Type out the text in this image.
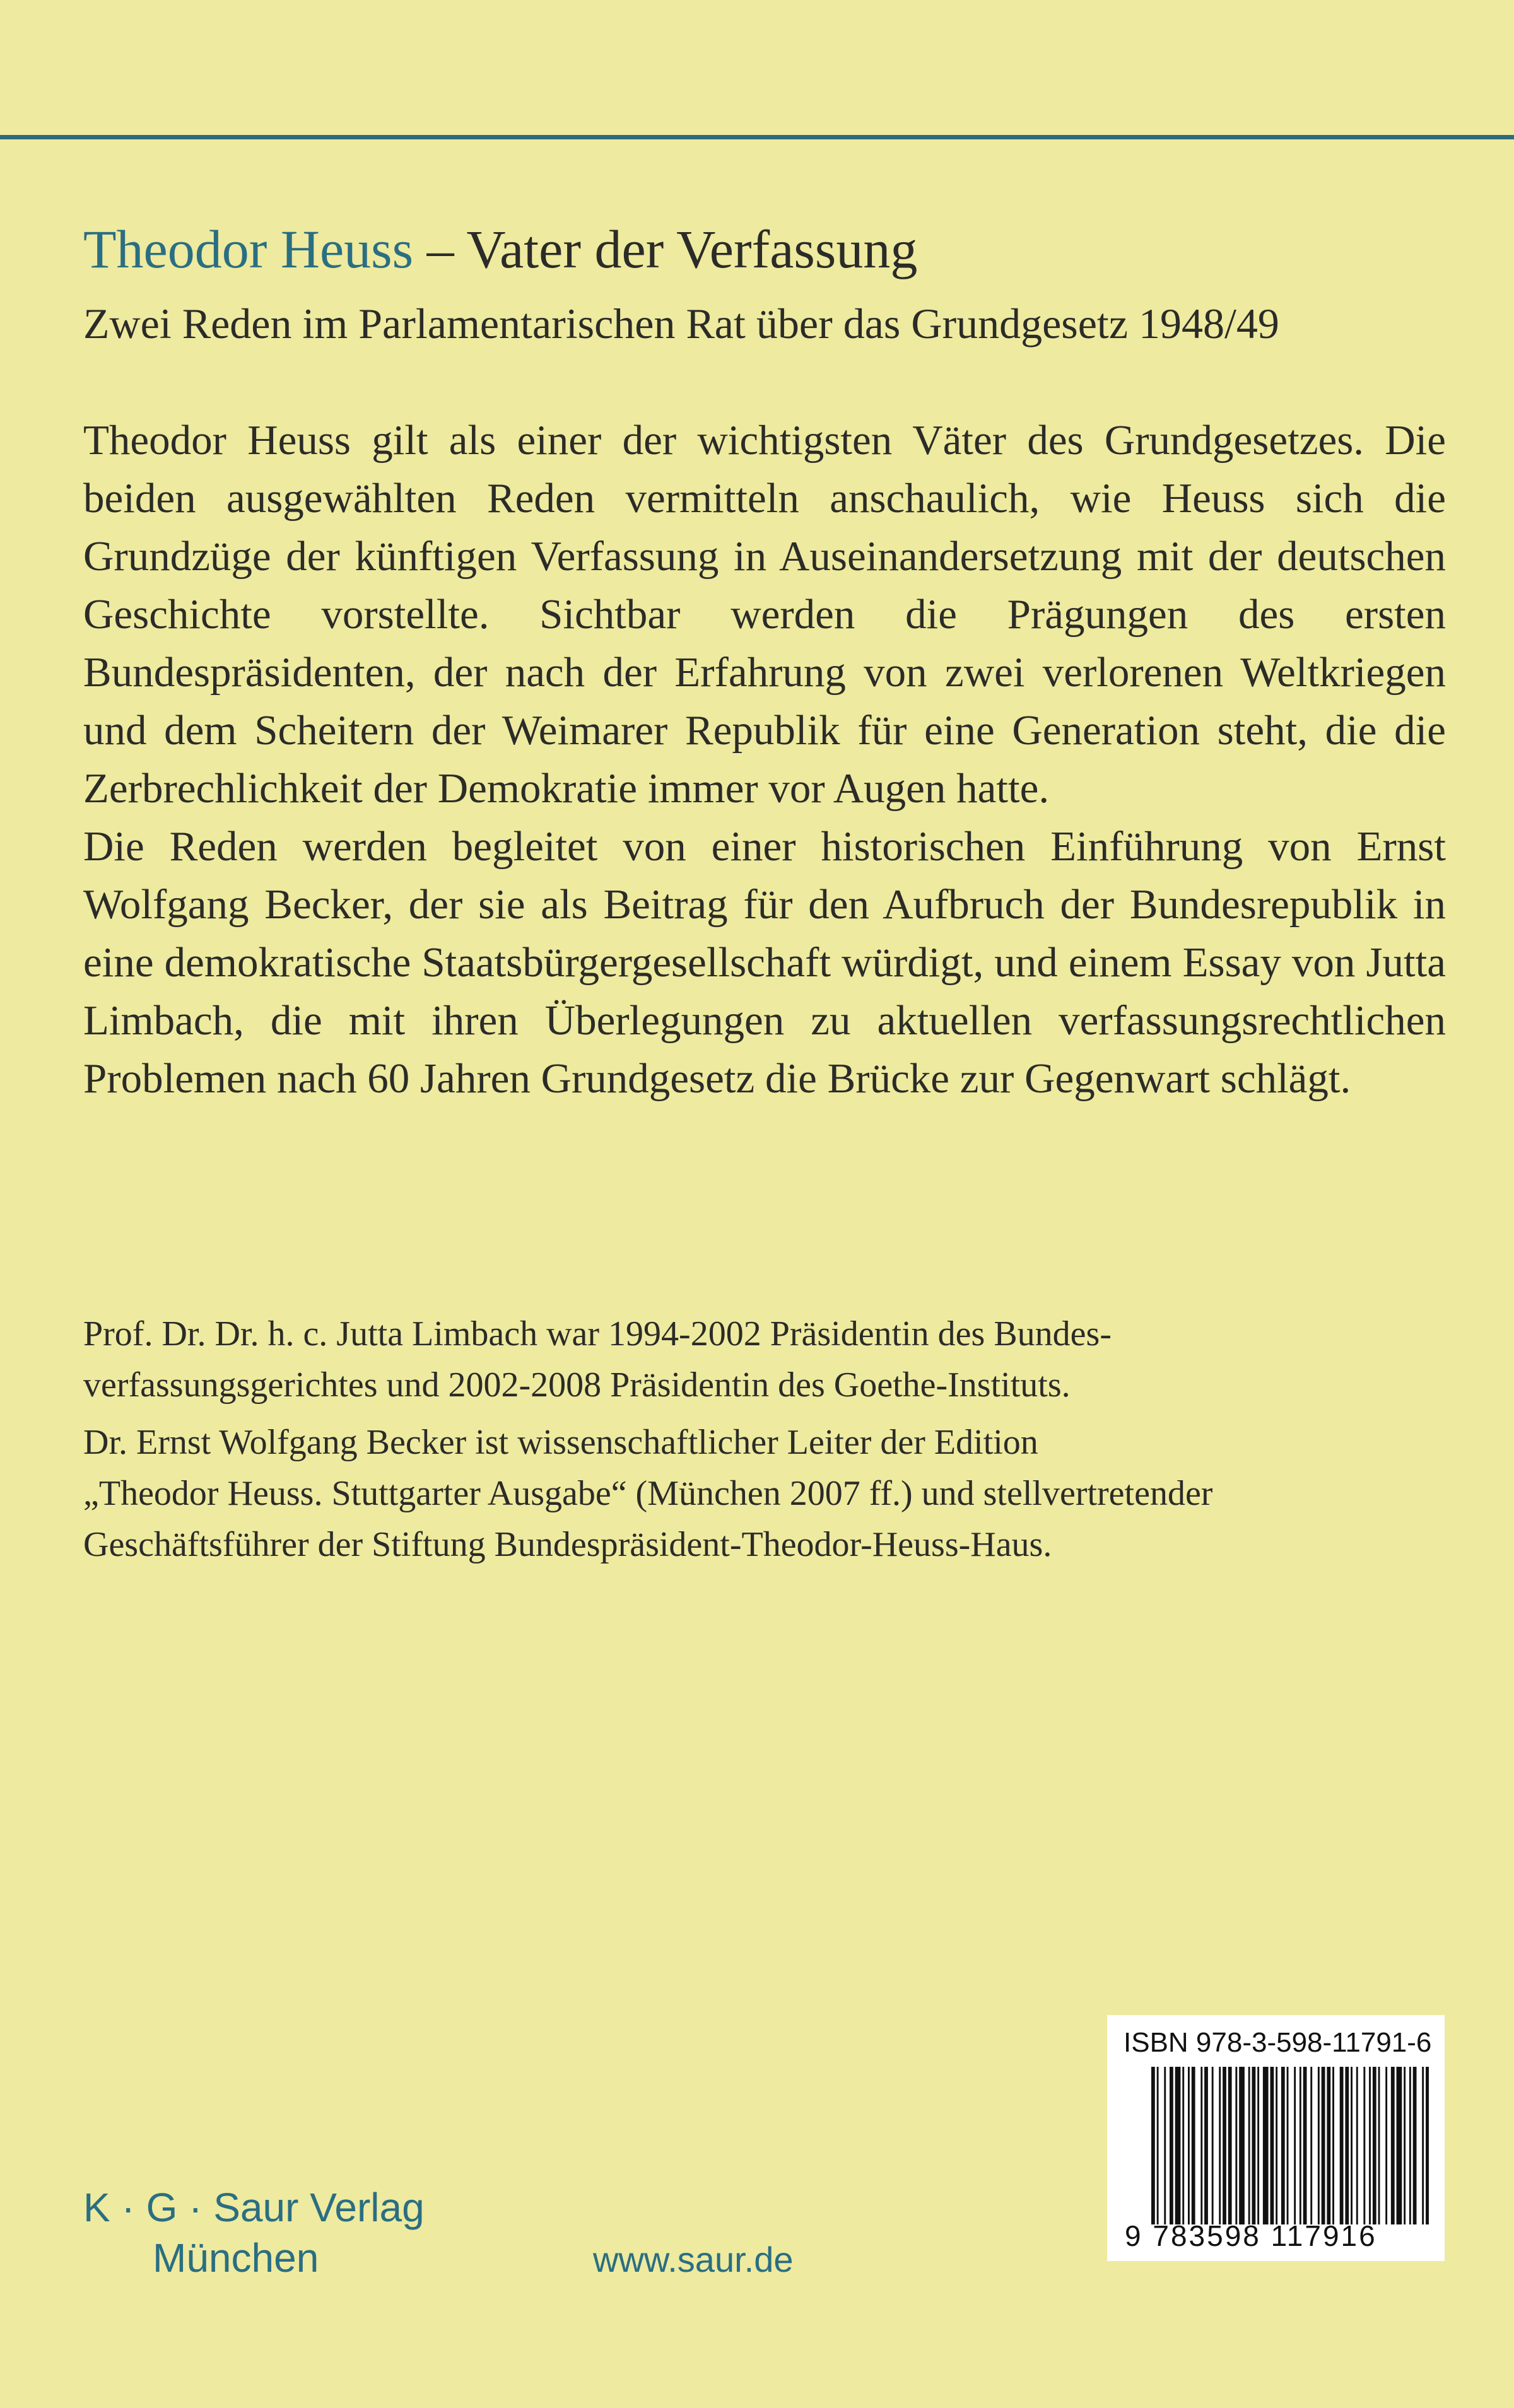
Theodor Heuss – Vater der Verfassung
Zwei Reden im Parlamentarischen Rat über das Grundgesetz 1948/49

Theodor Heuss gilt als einer der wichtigsten Väter des Grundgesetzes. Die beiden ausgewählten Reden vermitteln anschaulich, wie Heuss sich die Grundzüge der künftigen Verfassung in Auseinandersetzung mit der deutschen Geschichte vorstellte. Sichtbar werden die Prägungen des ersten Bundespräsidenten, der nach der Erfahrung von zwei verlorenen Weltkriegen und dem Scheitern der Weimarer Republik für eine Generation steht, die die Zerbrechlichkeit der Demokratie immer vor Augen hatte.

Die Reden werden begleitet von einer historischen Einführung von Ernst Wolfgang Becker, der sie als Beitrag für den Aufbruch der Bundesrepublik in eine demokratische Staatsbürgergesellschaft würdigt, und einem Essay von Jutta Limbach, die mit ihren Überlegungen zu aktuellen verfassungsrechtlichen Problemen nach 60 Jahren Grundgesetz die Brücke zur Gegenwart schlägt.

Prof. Dr. Dr. h. c. Jutta Limbach war 1994-2002 Präsidentin des Bundes-
verfassungsgerichtes und 2002-2008 Präsidentin des Goethe-Instituts.

Dr. Ernst Wolfgang Becker ist wissenschaftlicher Leiter der Edition
„Theodor Heuss. Stuttgarter Ausgabe“ (München 2007 ff.) und stellvertretender
Geschäftsführer der Stiftung Bundespräsident-Theodor-Heuss-Haus.

K · G · Saur Verlag
München	www.saur.de
ISBN 978-3-598-11791-6
9 783598 117916
